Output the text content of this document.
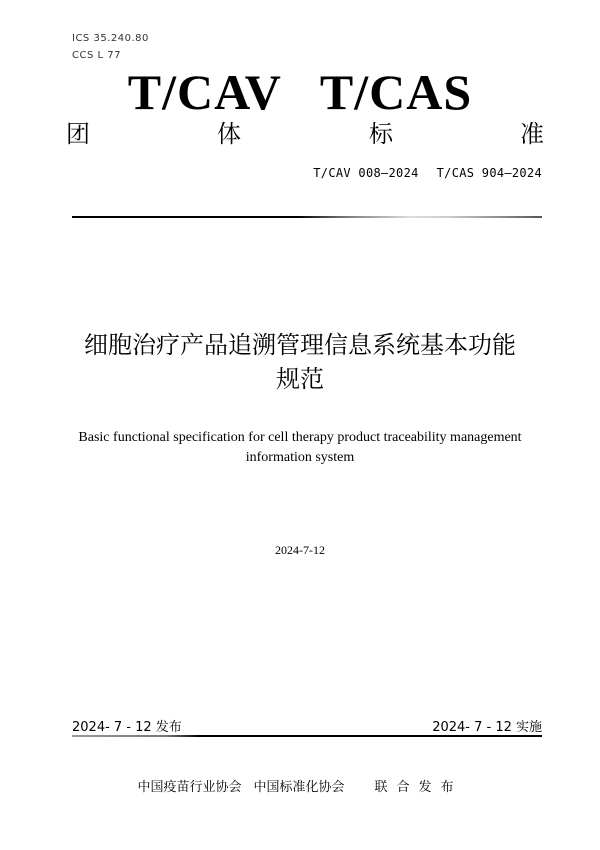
ICS 35.240.80
CCS L 77
T/CAV T/CAS
团	体	标	准
T/CAV 008—2024 T/CAS 904—2024
细胞治疗产品追溯管理信息系统基本功能
规范
Basic functional specification for cell therapy product traceability management
information system
2024-7-12
2024- 7 - 12 发布	2024- 7 - 12 实施
中国疫苗行业协会 中国标准化协会 联合发布
